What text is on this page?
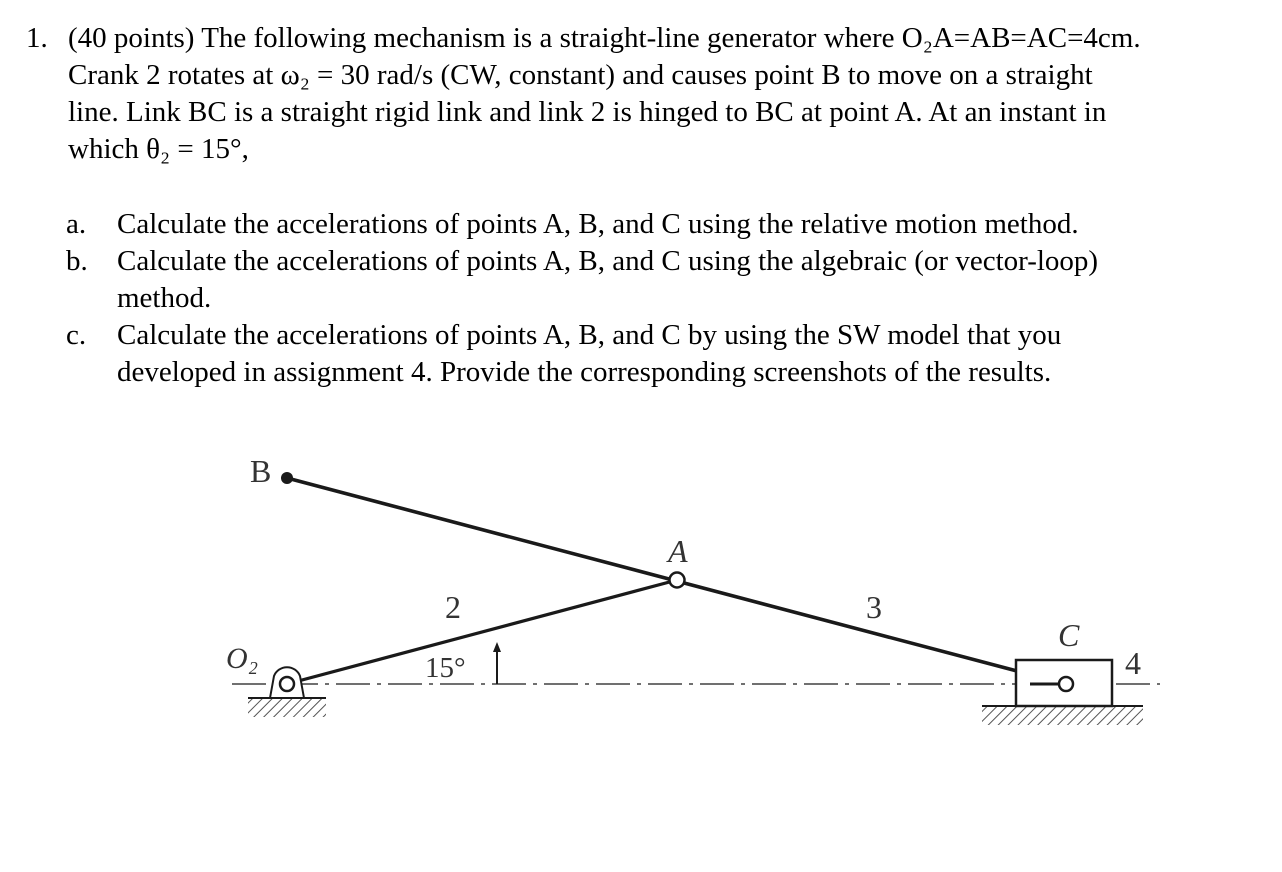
1. (40 points) The following mechanism is a straight-line generator where O₂A=AB=AC=4cm.
Crank 2 rotates at ω₂ = 30 rad/s (CW, constant) and causes point B to move on a straight
line. Link BC is a straight rigid link and link 2 is hinged to BC at point A. At an instant in
which θ₂ = 15°,
a. Calculate the accelerations of points A, B, and C using the relative motion method.
b. Calculate the accelerations of points A, B, and C using the algebraic (or vector-loop)
method.
c. Calculate the accelerations of points A, B, and C by using the SW model that you
developed in assignment 4. Provide the corresponding screenshots of the results.
B
A
C
O₂
2	3
4
15°
